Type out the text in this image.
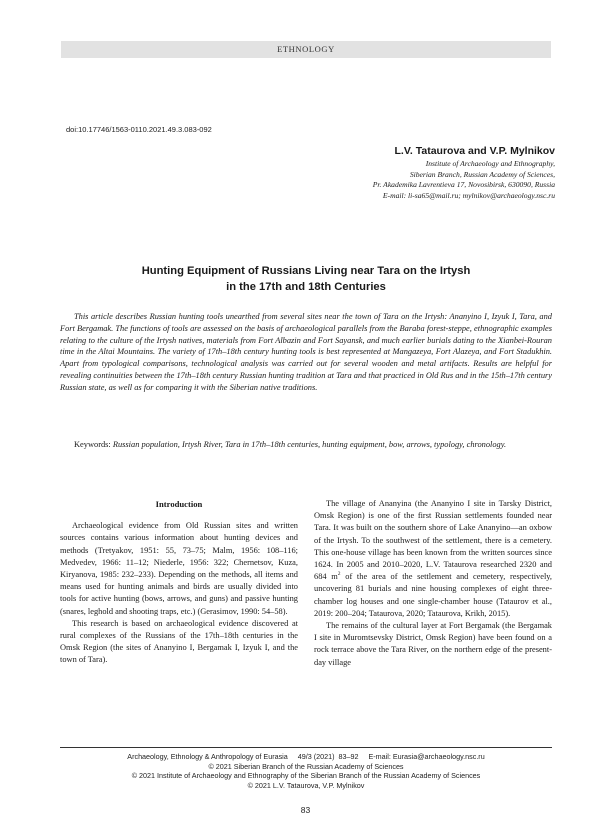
ETHNOLOGY
doi:10.17746/1563-0110.2021.49.3.083-092
L.V. Tataurova and V.P. Mylnikov
Institute of Archaeology and Ethnography,
Siberian Branch, Russian Academy of Sciences,
Pr. Akademika Lavrentieva 17, Novosibirsk, 630090, Russia
E-mail: li-sa65@mail.ru; mylnikov@archaeology.nsc.ru
Hunting Equipment of Russians Living near Tara on the Irtysh
in the 17th and 18th Centuries
This article describes Russian hunting tools unearthed from several sites near the town of Tara on the Irtysh: Ananyino I, Izyuk I, Tara, and Fort Bergamak. The functions of tools are assessed on the basis of archaeological parallels from the Baraba forest-steppe, ethnographic examples relating to the culture of the Irtysh natives, materials from Fort Albazin and Fort Sayansk, and much earlier burials dating to the Xianbei-Rouran time in the Altai Mountains. The variety of 17th–18th century hunting tools is best represented at Mangazeya, Fort Alazeya, and Fort Stadukhin. Apart from typological comparisons, technological analysis was carried out for several wooden and metal artifacts. Results are helpful for revealing continuities between the 17th–18th century Russian hunting tradition at Tara and that practiced in Old Rus and in the 15th–17th century Russian state, as well as for comparing it with the Siberian native traditions.
Keywords: Russian population, Irtysh River, Tara in 17th–18th centuries, hunting equipment, bow, arrows, typology, chronology.
Introduction

Archaeological evidence from Old Russian sites and written sources contains various information about hunting devices and methods (Tretyakov, 1951: 55, 73–75; Malm, 1956: 108–116; Medvedev, 1966: 11–12; Niederle, 1956: 322; Chernetsov, Kuza, Kiryanova, 1985: 232–233). Depending on the methods, all items and means used for hunting animals and birds are usually divided into tools for active hunting (bows, arrows, and guns) and passive hunting (snares, leghold and shooting traps, etc.) (Gerasimov, 1990: 54–58).

This research is based on archaeological evidence discovered at rural complexes of the Russians of the 17th–18th centuries in the Omsk Region (the sites of Ananyino I, Bergamak I, Izyuk I, and the town of Tara).

The village of Ananyina (the Ananyino I site in Tarsky District, Omsk Region) is one of the first Russian settlements founded near Tara. It was built on the southern shore of Lake Ananyino—an oxbow of the Irtysh. To the southwest of the settlement, there is a cemetery. This one-house village has been known from the written sources since 1624. In 2005 and 2010–2020, L.V. Tataurova researched 2320 and 684 $m^2$ of the area of the settlement and cemetery, respectively, uncovering 81 burials and nine housing complexes of eight three-chamber log houses and one single-chamber house (Tataurov et al., 2019: 200–204; Tataurova, 2020; Tataurova, Krikh, 2015).

The remains of the cultural layer at Fort Bergamak (the Bergamak I site in Muromtsevsky District, Omsk Region) have been found on a rock terrace above the Tara River, on the northern edge of the present-day village

Archaeology, Ethnology & Anthropology of Eurasia     49/3 (2021)  83–92     E-mail: Eurasia@archaeology.nsc.ru
© 2021 Siberian Branch of the Russian Academy of Sciences
© 2021 Institute of Archaeology and Ethnography of the Siberian Branch of the Russian Academy of Sciences
© 2021 L.V. Tataurova, V.P. Mylnikov
83
